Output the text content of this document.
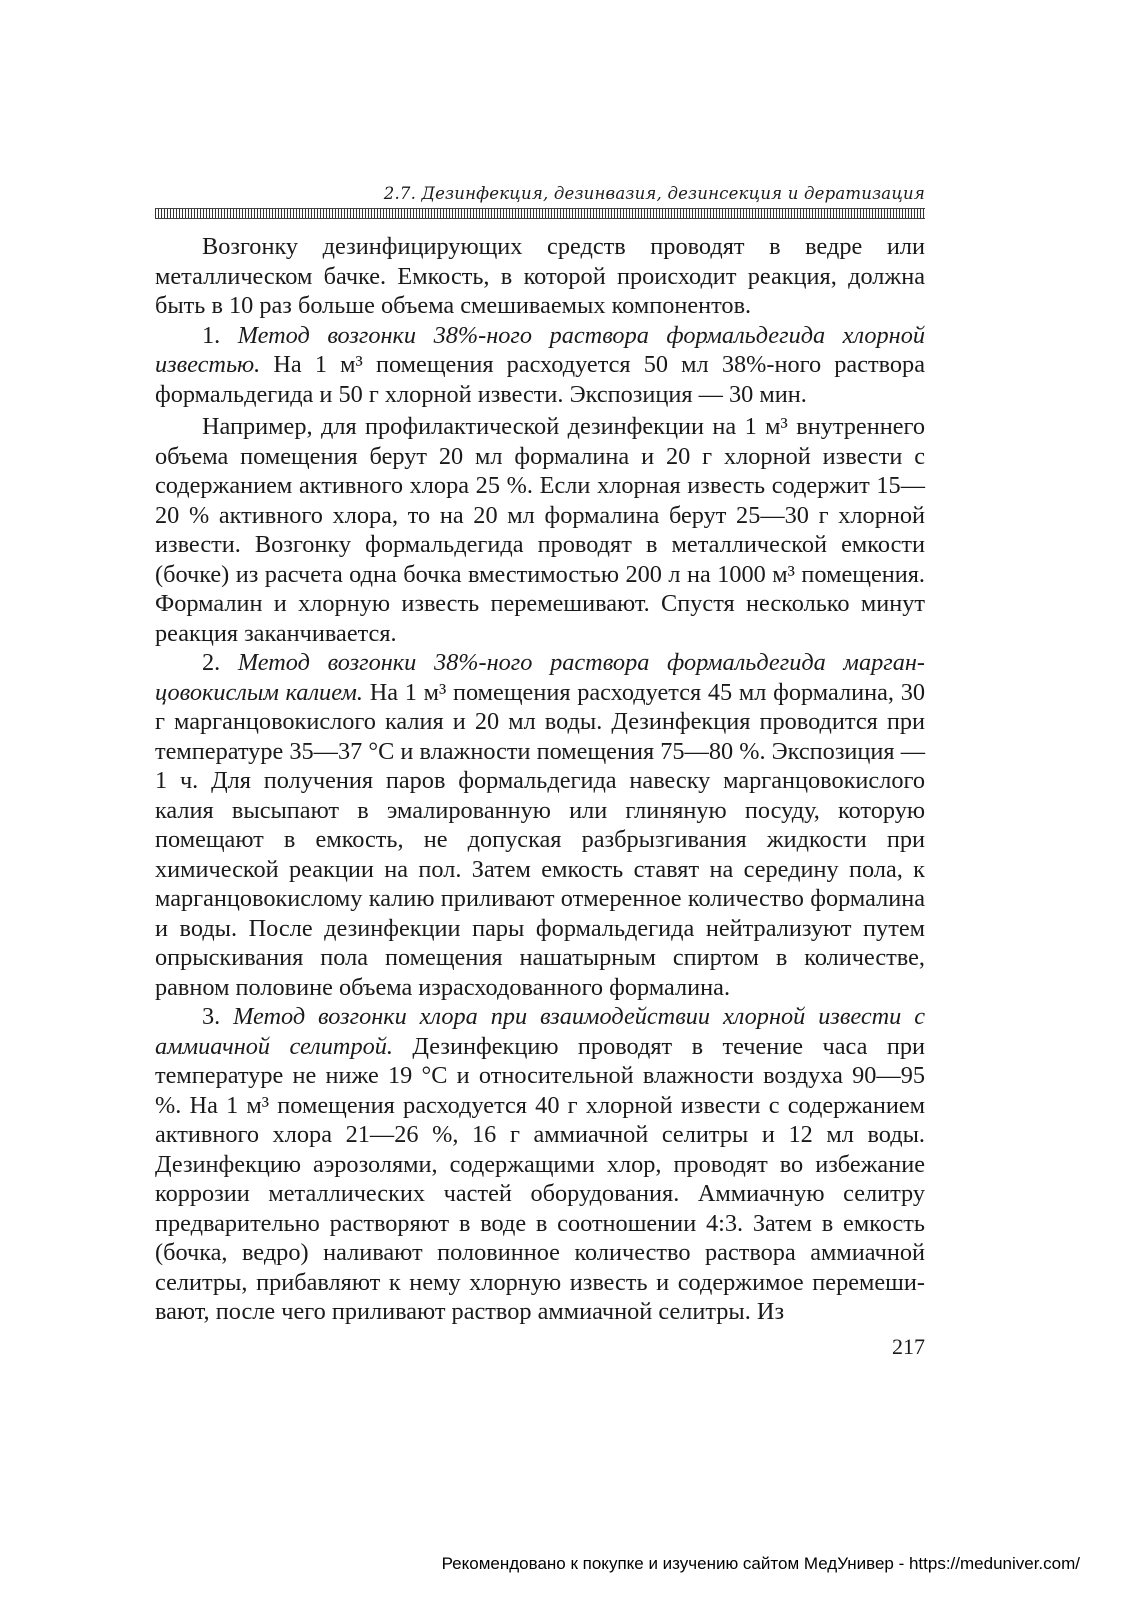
2.7. Дезинфекция, дезинвазия, дезинсекция и дератизация

Возгонку дезинфицирующих средств проводят в ведре или металлическом бачке. Емкость, в которой происходит реакция, должна быть в 10 раз больше объема смешиваемых компонентов.

1. Метод возгонки 38%-ного раствора формальдегида хлорной известью. На 1 м³ помещения расходуется 50 мл 38%-ного раствора формальдегида и 50 г хлорной извести. Экспозиция — 30 мин.

Например, для профилактической дезинфекции на 1 м³ внутреннего объема помещения берут 20 мл формалина и 20 г хлорной извести с содержанием активного хлора 25 %. Если хлорная известь содержит 15—20 % активного хлора, то на 20 мл формалина берут 25—30 г хлорной извести. Возгонку формальдегида проводят в металлической емкости (бочке) из расчета одна бочка вместимостью 200 л на 1000 м³ помещения. Формалин и хлорную известь перемешивают. Спустя несколько минут реакция заканчивается.

2. Метод возгонки 38%-ного раствора формальдегида марганцовокислым калием. На 1 м³ помещения расходуется 45 мл формалина, 30 г марганцовокислого калия и 20 мл воды. Дезинфекция проводится при температуре 35—37 °С и влажности помещения 75—80 %. Экспозиция — 1 ч. Для получения паров формальдегида навеску марганцовокислого калия высыпают в эмалированную или глиняную посуду, которую помещают в емкость, не допуская разбрызгивания жидкости при химической реакции на пол. Затем емкость ставят на середину пола, к марганцовокислому калию приливают отмеренное количество формалина и воды. После дезинфекции пары формальдегида нейтрализуют путем опрыскивания пола помещения нашатырным спиртом в количестве, равном половине объема израсходованного формалина.

3. Метод возгонки хлора при взаимодействии хлорной извести с аммиачной селитрой. Дезинфекцию проводят в течение часа при температуре не ниже 19 °С и относительной влажности воздуха 90—95 %. На 1 м³ помещения расходуется 40 г хлорной извести с содержанием активного хлора 21—26 %, 16 г аммиачной селитры и 12 мл воды. Дезинфекцию аэрозолями, содержащими хлор, проводят во избежание коррозии металлических частей оборудования. Аммиачную селитру предварительно растворяют в воде в соотношении 4:3. Затем в емкость (бочка, ведро) наливают половинное количество раствора аммиачной селитры, прибавляют к нему хлорную известь и содержимое перемешивают, после чего приливают раствор аммиачной селитры. Из

217
Рекомендовано к покупке и изучению сайтом МедУнивер - https://meduniver.com/
